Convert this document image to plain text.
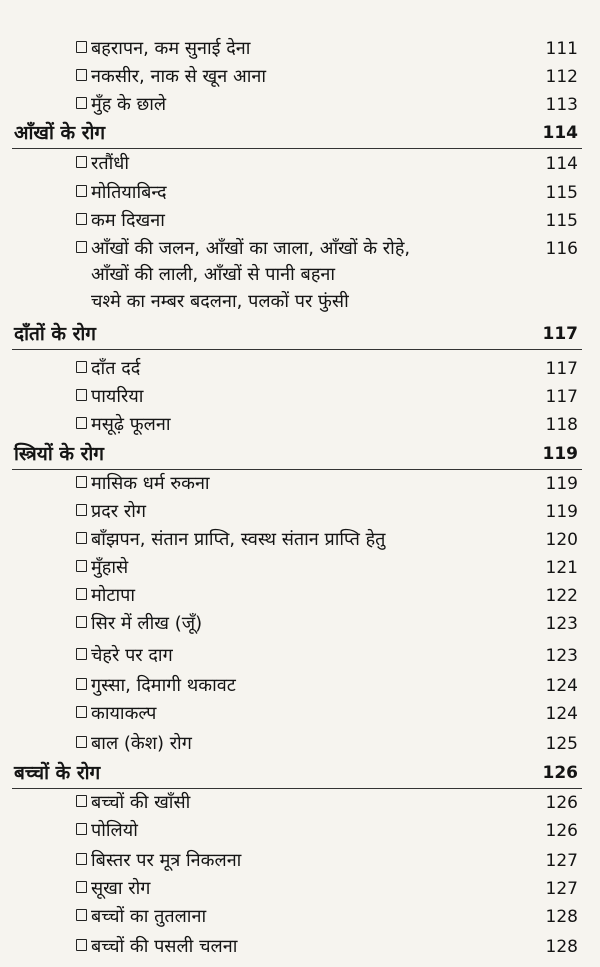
बहरापन, कम सुनाई देना	111
नकसीर, नाक से खून आना	112
मुँह के छाले	113
आँखों के रोग	114
रतौंधी	114
मोतियाबिन्द	115
कम दिखना	115
आँखों की जलन, आँखों का जाला, आँखों के रोहे,	116
आँखों की लाली, आँखों से पानी बहना
चश्मे का नम्बर बदलना, पलकों पर फुंसी
दाँतों के रोग	117
दाँत दर्द	117
पायरिया	117
मसूढ़े फूलना	118
स्त्रियों के रोग	119
मासिक धर्म रुकना	119
प्रदर रोग	119
बाँझपन, संतान प्राप्ति, स्वस्थ संतान प्राप्ति हेतु	120
मुँहासे	121
मोटापा	122
सिर में लीख (जूँ)	123
चेहरे पर दाग	123
गुस्सा, दिमागी थकावट	124
कायाकल्प	124
बाल (केश) रोग	125
बच्चों के रोग	126
बच्चों की खाँसी	126
पोलियो	126
बिस्तर पर मूत्र निकलना	127
सूखा रोग	127
बच्चों का तुतलाना	128
बच्चों की पसली चलना	128
